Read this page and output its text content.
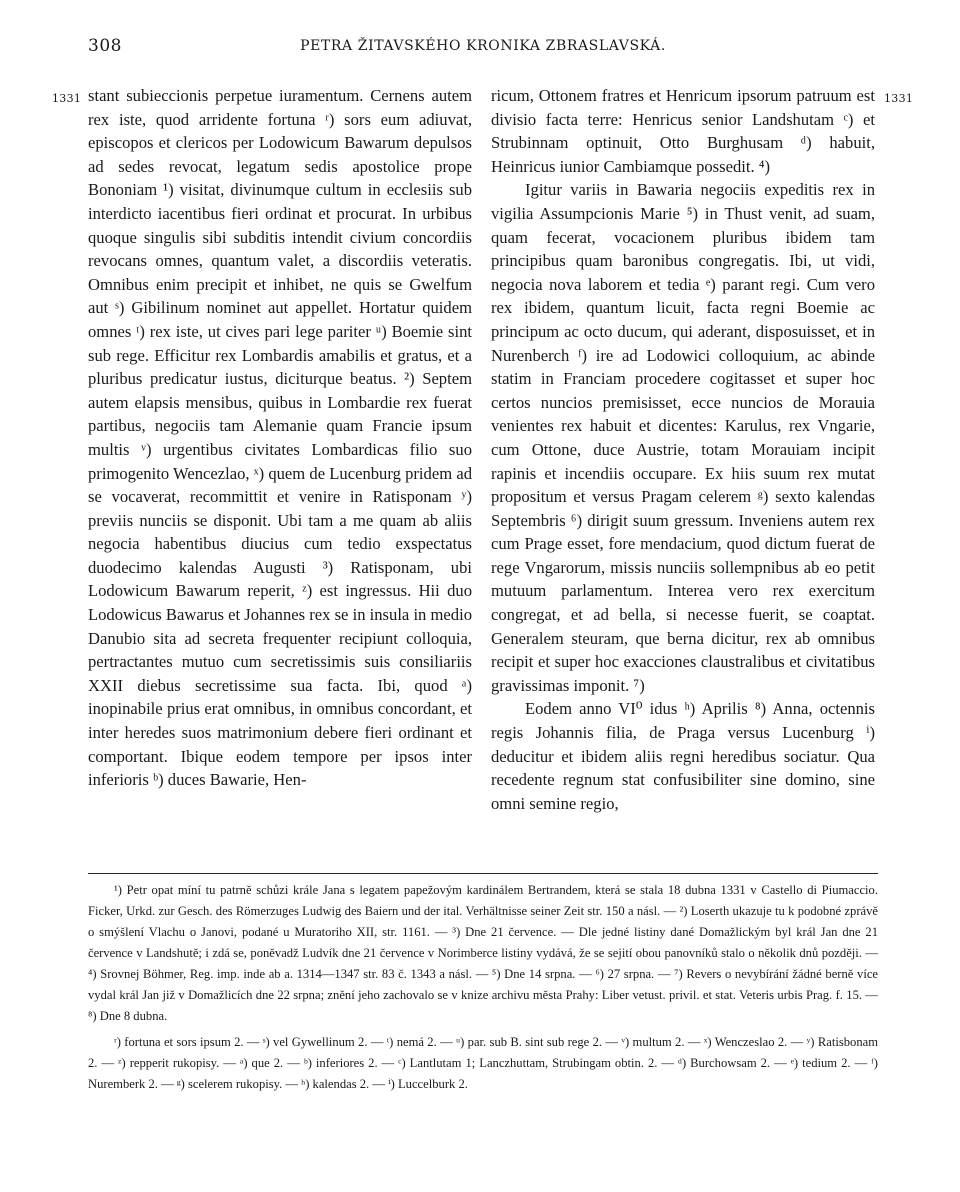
308	PETRA ŽITAVSKÉHO KRONIKA ZBRASLAVSKÁ.
1331	1331

stant subieccionis perpetue iuramentum. Cernens autem rex iste, quod arridente fortuna ʳ) sors eum adiuvat, episcopos et clericos per Lodowicum Bawarum depulsos ad sedes revocat, legatum sedis apostolice prope Bononiam ¹) visitat, divinumque cultum in ecclesiis sub interdicto iacentibus fieri ordinat et procurat. In urbibus quoque singulis sibi subditis intendit civium concordiis revocans omnes, quantum valet, a discordiis veteratis. Omnibus enim precipit et inhibet, ne quis se Gwelfum aut ˢ) Gibilinum nominet aut appellet. Hortatur quidem omnes ᵗ) rex iste, ut cives pari lege pariter ᵘ) Boemie sint sub rege. Efficitur rex Lombardis amabilis et gratus, et a pluribus predicatur iustus, diciturque beatus. ²) Septem autem elapsis mensibus, quibus in Lombardie rex fuerat partibus, negociis tam Alemanie quam Francie ipsum multis ᵛ) urgentibus civitates Lombardicas filio suo primogenito Wencezlao, ˣ) quem de Lucenburg pridem ad se vocaverat, recommittit et venire in Ratisponam ʸ) previis nunciis se disponit. Ubi tam a me quam ab aliis negocia habentibus diucius cum tedio exspectatus duodecimo kalendas Augusti ³) Ratisponam, ubi Lodowicum Bawarum reperit, ᶻ) est ingressus. Hii duo Lodowicus Bawarus et Johannes rex se in insula in medio Danubio sita ad secreta frequenter recipiunt colloquia, pertractantes mutuo cum secretissimis suis consiliariis XXII diebus secretissime sua facta. Ibi, quod ᵃ) inopinabile prius erat omnibus, in omnibus concordant, et inter heredes suos matrimonium debere fieri ordinant et comportant. Ibique eodem tempore per ipsos inter inferioris ᵇ) duces Bawarie, Hen-

ricum, Ottonem fratres et Henricum ipsorum patruum est divisio facta terre: Henricus senior Landshutam ᶜ) et Strubinnam optinuit, Otto Burghusam ᵈ) habuit, Heinricus iunior Cambiamque possedit. ⁴)

Igitur variis in Bawaria negociis expeditis rex in vigilia Assumpcionis Marie ⁵) in Thust venit, ad suam, quam fecerat, vocacionem pluribus ibidem tam principibus quam baronibus congregatis. Ibi, ut vidi, negocia nova laborem et tedia ᵉ) parant regi. Cum vero rex ibidem, quantum licuit, facta regni Boemie ac principum ac octo ducum, qui aderant, disposuisset, et in Nurenberch ᶠ) ire ad Lodowici colloquium, ac abinde statim in Franciam procedere cogitasset et super hoc certos nuncios premisisset, ecce nuncios de Morauia venientes rex habuit et dicentes: Karulus, rex Vngarie, cum Ottone, duce Austrie, totam Morauiam incipit rapinis et incendiis occupare. Ex hiis suum rex mutat propositum et versus Pragam celerem ᵍ) sexto kalendas Septembris ⁶) dirigit suum gressum. Inveniens autem rex cum Prage esset, fore mendacium, quod dictum fuerat de rege Vngarorum, missis nunciis sollempnibus ab eo petit mutuum parlamentum. Interea vero rex exercitum congregat, et ad bella, si necesse fuerit, se coaptat. Generalem steuram, que berna dicitur, rex ab omnibus recipit et super hoc exacciones claustralibus et civitatibus gravissimas imponit. ⁷)

Eodem anno VI⁰ idus ʰ) Aprilis ⁸) Anna, octennis regis Johannis filia, de Praga versus Lucenburg ⁱ) deducitur et ibidem aliis regni heredibus sociatur. Qua recedente regnum stat confusibiliter sine domino, sine omni semine regio,

¹) Petr opat míní tu patrně schůzi krále Jana s legatem papežovým kardinálem Bertrandem, která se stala 18 dubna 1331 v Castello di Piumaccio. Ficker, Urkd. zur Gesch. des Römerzuges Ludwig des Baiern und der ital. Verhältnisse seiner Zeit str. 150 a násl. — ²) Loserth ukazuje tu k podobné zprávě o smýšlení Vlachu o Janovi, podané u Muratoriho XII, str. 1161. — ³) Dne 21 července. — Dle jedné listiny dané Domažlickým byl král Jan dne 21 července v Landshutě; i zdá se, poněvadž Ludvík dne 21 července v Norimberce listiny vydává, že se sejití obou panovníků stalo o několik dnů později. — ⁴) Srovnej Böhmer, Reg. imp. inde ab a. 1314—1347 str. 83 č. 1343 a násl. — ⁵) Dne 14 srpna. — ⁶) 27 srpna. — ⁷) Revers o nevybírání žádné berně více vydal král Jan již v Domažlicích dne 22 srpna; znění jeho zachovalo se v knize archivu města Prahy: Liber vetust. privil. et stat. Veteris urbis Prag. f. 15. — ⁸) Dne 8 dubna.

ʳ) fortuna et sors ipsum 2. — ˢ) vel Gywellinum 2. — ᵗ) nemá 2. — ᵘ) par. sub B. sint sub rege 2. — ᵛ) multum 2. — ˣ) Wenczeslao 2. — ʸ) Ratisbonam 2. — ᶻ) repperit rukopisy. — ᵃ) que 2. — ᵇ) inferiores 2. — ᶜ) Lantlutam 1; Lanczhuttam, Strubingam obtin. 2. — ᵈ) Burchowsam 2. — ᵉ) tedium 2. — ᶠ) Nuremberk 2. — ᵍ) scelerem rukopisy. — ʰ) kalendas 2. — ⁱ) Luccelburk 2.
